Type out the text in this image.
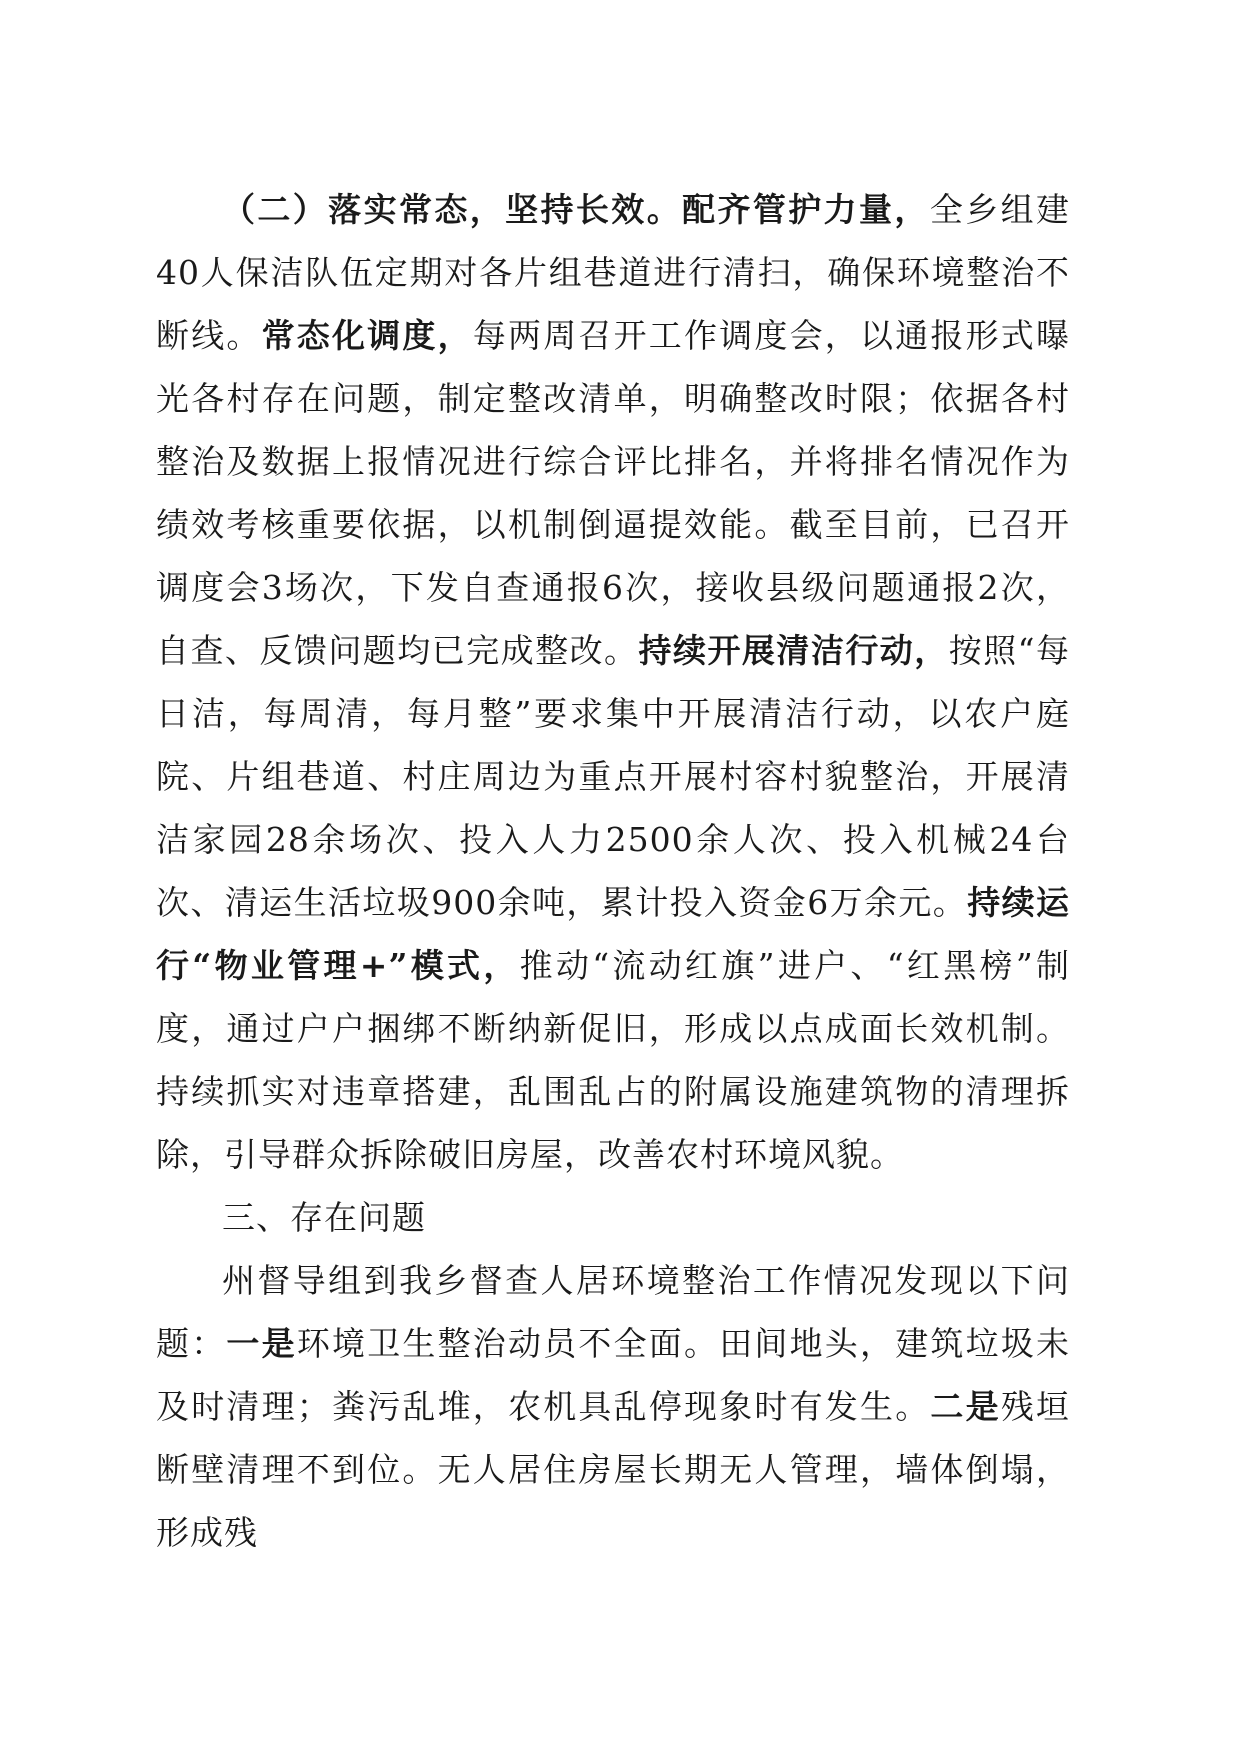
（二）落实常态，坚持长效。配齐管护力量，全乡组建40人保洁队伍定期对各片组巷道进行清扫，确保环境整治不断线。常态化调度，每两周召开工作调度会，以通报形式曝光各村存在问题，制定整改清单，明确整改时限；依据各村整治及数据上报情况进行综合评比排名，并将排名情况作为绩效考核重要依据，以机制倒逼提效能。截至目前，已召开调度会3场次，下发自查通报6次，接收县级问题通报2次，自查、反馈问题均已完成整改。持续开展清洁行动，按照“每日洁，每周清，每月整”要求集中开展清洁行动，以农户庭院、片组巷道、村庄周边为重点开展村容村貌整治，开展清洁家园28余场次、投入人力2500余人次、投入机械24台次、清运生活垃圾900余吨，累计投入资金6万余元。持续运行“物业管理+”模式，推动“流动红旗”进户、“红黑榜”制度，通过户户捆绑不断纳新促旧，形成以点成面长效机制。持续抓实对违章搭建，乱围乱占的附属设施建筑物的清理拆除，引导群众拆除破旧房屋，改善农村环境风貌。

三、存在问题

州督导组到我乡督查人居环境整治工作情况发现以下问题：一是环境卫生整治动员不全面。田间地头，建筑垃圾未及时清理；粪污乱堆，农机具乱停现象时有发生。二是残垣断壁清理不到位。无人居住房屋长期无人管理，墙体倒塌，形成残
